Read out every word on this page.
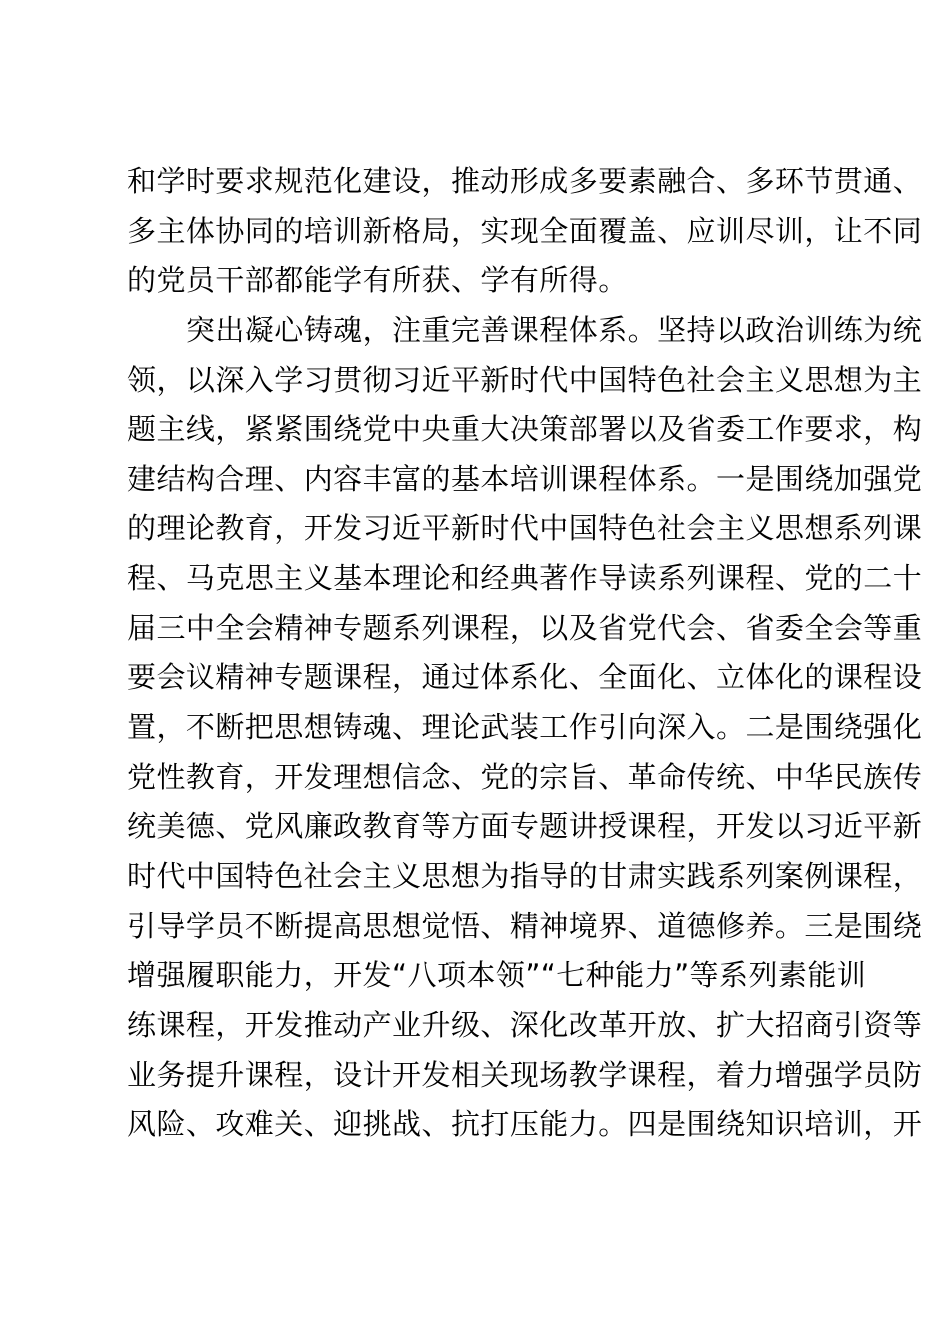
和学时要求规范化建设，推动形成多要素融合、多环节贯通、
多主体协同的培训新格局，实现全面覆盖、应训尽训，让不同
的党员干部都能学有所获、学有所得。
　　突出凝心铸魂，注重完善课程体系。坚持以政治训练为统
领，以深入学习贯彻习近平新时代中国特色社会主义思想为主
题主线，紧紧围绕党中央重大决策部署以及省委工作要求，构
建结构合理、内容丰富的基本培训课程体系。一是围绕加强党
的理论教育，开发习近平新时代中国特色社会主义思想系列课
程、马克思主义基本理论和经典著作导读系列课程、党的二十
届三中全会精神专题系列课程，以及省党代会、省委全会等重
要会议精神专题课程，通过体系化、全面化、立体化的课程设
置，不断把思想铸魂、理论武装工作引向深入。二是围绕强化
党性教育，开发理想信念、党的宗旨、革命传统、中华民族传
统美德、党风廉政教育等方面专题讲授课程，开发以习近平新
时代中国特色社会主义思想为指导的甘肃实践系列案例课程，
引导学员不断提高思想觉悟、精神境界、道德修养。三是围绕
增强履职能力，开发“八项本领”“七种能力”等系列素能训
练课程，开发推动产业升级、深化改革开放、扩大招商引资等
业务提升课程，设计开发相关现场教学课程，着力增强学员防
风险、攻难关、迎挑战、抗打压能力。四是围绕知识培训，开
